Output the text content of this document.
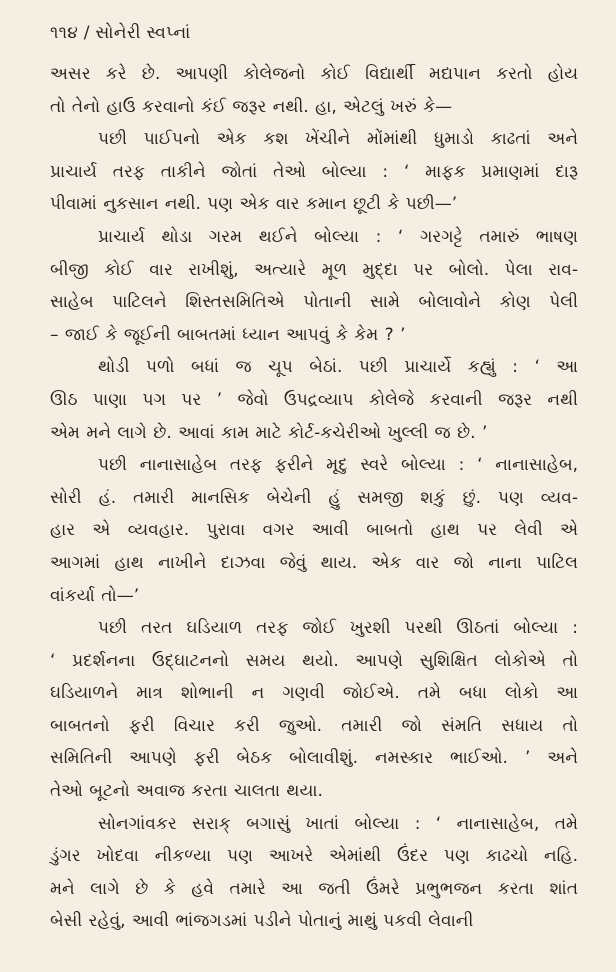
૧૧૪ / સોનેરી સ્વપ્નાં

અસર કરે છે. આપણી કોલેજનો કોઈ વિદ્યાર્થી મદ્યપાન કરતો હોય
તો તેનો હાઉ કરવાનો કંઈ જરૂર નથી. હા, એટલું ખરું કે—

પછી પાઈપનો એક કશ ખેંચીને મોંમાંથી ધુમાડો કાઢતાં અને
પ્રાચાર્ય તરફ તાકીને જોતાં તેઓ બોલ્યા : ‘ માફક પ્રમાણમાં દારૂ
પીવામાં નુકસાન નથી. પણ એક વાર કમાન છૂટી કે પછી—’

પ્રાચાર્ય થોડા ગરમ થઈને બોલ્યા : ‘ ગરગટ્ટે તમારું ભાષણ
બીજી કોઈ વાર રાખીશું, અત્યારે મૂળ મુદ્દા પર બોલો. પેલા રાવ-
સાહેબ પાટિલને શિસ્તસમિતિએ પોતાની સામે બોલાવોને કોણ પેલી
– જાઈ કે જૂઈની બાબતમાં ધ્યાન આપવું કે કેમ ? ’

થોડી પળો બધાં જ ચૂપ બેઠાં. પછી પ્રાચાર્યે કહ્યું : ‘ આ
ઊઠ પાણા પગ પર ’ જેવો ઉપદ્રવ્યાપ કોલેજે કરવાની જરૂર નથી
એમ મને લાગે છે. આવાં કામ માટે કોર્ટ-કચેરીઓ ખુલ્લી જ છે. ’

પછી નાનાસાહેબ તરફ ફરીને મૃદુ સ્વરે બોલ્યા : ‘ નાનાસાહેબ,
સોરી હં. તમારી માનસિક બેચેની હું સમજી શકું છું. પણ વ્યવ-
હાર એ વ્યવહાર. પુરાવા વગર આવી બાબતો હાથ પર લેવી એ
આગમાં હાથ નાખીને દાઝવા જેવું થાય. એક વાર જો નાના પાટિલ
વાંકર્યા તો—’

પછી તરત ઘડિયાળ તરફ જોઈ ખુરશી પરથી ઊઠતાં બોલ્યા :
‘ પ્રદર્શનના ઉદ્‌ઘાટનનો સમય થયો. આપણે સુશિક્ષિત લોકોએ તો
ઘડિયાળને માત્ર શોભાની ન ગણવી જોઈએ. તમે બધા લોકો આ
બાબતનો ફરી વિચાર કરી જુઓ. તમારી જો સંમતિ સધાય તો
સમિતિની આપણે ફરી બેઠક બોલાવીશું. નમસ્કાર ભાઈઓ. ’ અને
તેઓ બૂટનો અવાજ કરતા ચાલતા થયા.

સોનગાંવકર સરાક્ બગાસું ખાતાં બોલ્યા : ‘ નાનાસાહેબ, તમે
ડુંગર ખોદવા નીકળ્યા પણ આખરે એમાંથી ઉંદર પણ કાઢચો નહિ.
મને લાગે છે કે હવે તમારે આ જતી ઉંમરે પ્રભુભજન કરતા શાંત
બેસી રહેવું, આવી ભાંજગડમાં પડીને પોતાનું માથું પકવી લેવાની
